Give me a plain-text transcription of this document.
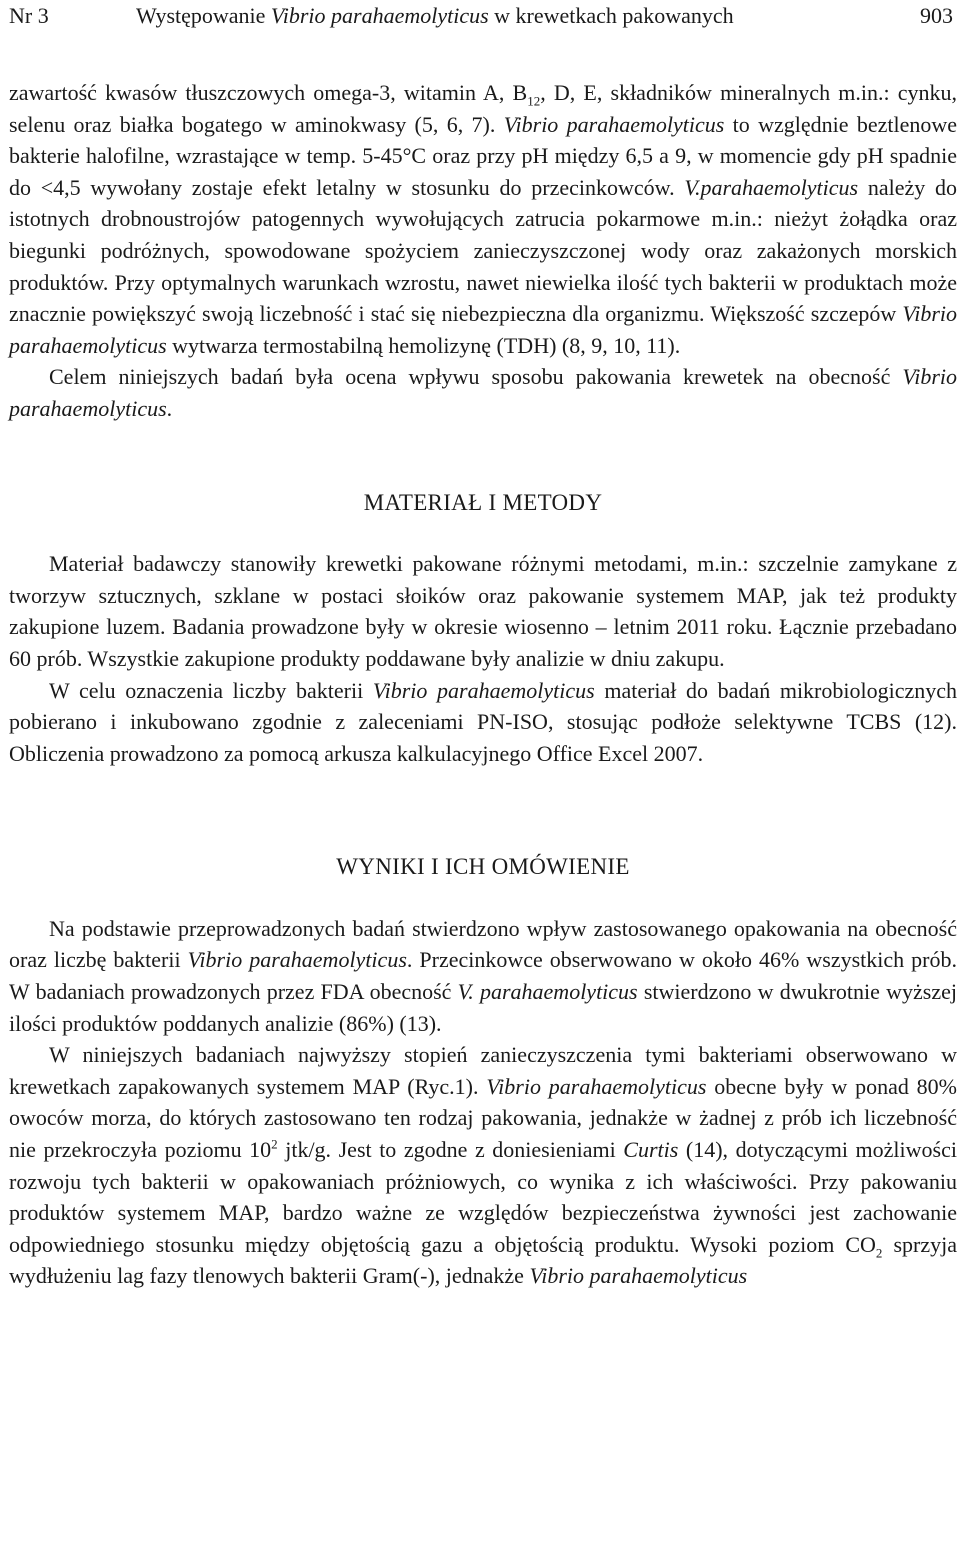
Nr 3	Występowanie Vibrio parahaemolyticus w krewetkach pakowanych	903

zawartość kwasów tłuszczowych omega-3, witamin A, $B_{12}$, D, E, składników mineralnych m.in.: cynku, selenu oraz białka bogatego w aminokwasy (5, 6, 7). Vibrio parahaemolyticus to względnie beztlenowe bakterie halofilne, wzrastające w temp. 5-45°C oraz przy pH między 6,5 a 9, w momencie gdy pH spadnie do <4,5 wywołany zostaje efekt letalny w stosunku do przecinkowców. V.parahaemolyticus należy do istotnych drobnoustrojów patogennych wywołujących zatrucia pokarmowe m.in.: nieżyt żołądka oraz biegunki podróżnych, spowodowane spożyciem zanieczyszczonej wody oraz zakażonych morskich produktów. Przy optymalnych warunkach wzrostu, nawet niewielka ilość tych bakterii w produktach może znacznie powiększyć swoją liczebność i stać się niebezpieczna dla organizmu. Większość szczepów Vibrio parahaemolyticus wytwarza termostabilną hemolizynę (TDH) (8, 9, 10, 11).

Celem niniejszych badań była ocena wpływu sposobu pakowania krewetek na obecność Vibrio parahaemolyticus.

MATERIAŁ I METODY

Materiał badawczy stanowiły krewetki pakowane różnymi metodami, m.in.: szczelnie zamykane z tworzyw sztucznych, szklane w postaci słoików oraz pakowanie systemem MAP, jak też produkty zakupione luzem. Badania prowadzone były w okresie wiosenno – letnim 2011 roku. Łącznie przebadano 60 prób. Wszystkie zakupione produkty poddawane były analizie w dniu zakupu.

W celu oznaczenia liczby bakterii Vibrio parahaemolyticus materiał do badań mikrobiologicznych pobierano i inkubowano zgodnie z zaleceniami PN-ISO, stosując podłoże selektywne TCBS (12). Obliczenia prowadzono za pomocą arkusza kalkulacyjnego Office Excel 2007.

WYNIKI I ICH OMÓWIENIE

Na podstawie przeprowadzonych badań stwierdzono wpływ zastosowanego opakowania na obecność oraz liczbę bakterii Vibrio parahaemolyticus. Przecinkowce obserwowano w około 46% wszystkich prób. W badaniach prowadzonych przez FDA obecność V. parahaemolyticus stwierdzono w dwukrotnie wyższej ilości produktów poddanych analizie (86%) (13).

W niniejszych badaniach najwyższy stopień zanieczyszczenia tymi bakteriami obserwowano w krewetkach zapakowanych systemem MAP (Ryc.1). Vibrio parahaemolyticus obecne były w ponad 80% owoców morza, do których zastosowano ten rodzaj pakowania, jednakże w żadnej z prób ich liczebność nie przekroczyła poziomu $10^2$ jtk/g. Jest to zgodne z doniesieniami Curtis (14), dotyczącymi możliwości rozwoju tych bakterii w opakowaniach próżniowych, co wynika z ich właściwości. Przy pakowaniu produktów systemem MAP, bardzo ważne ze względów bezpieczeństwa żywności jest zachowanie odpowiedniego stosunku między objętością gazu a objętością produktu. Wysoki poziom $CO_2$ sprzyja wydłużeniu lag fazy tlenowych bakterii Gram(-), jednakże Vibrio parahaemolyticus
